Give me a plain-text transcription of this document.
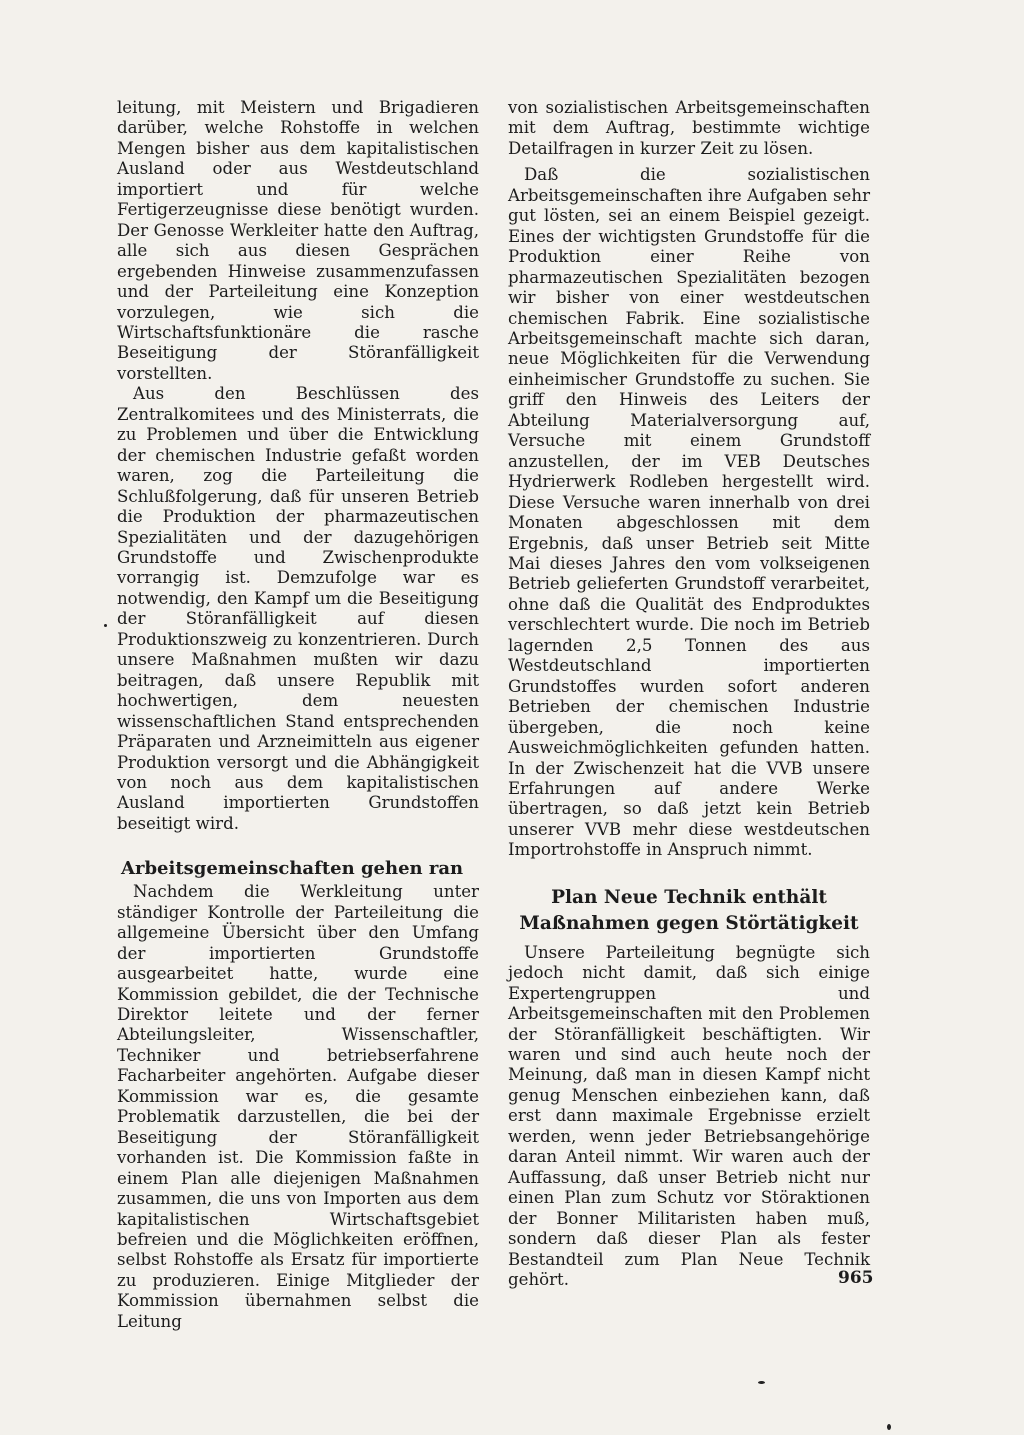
leitung, mit Meistern und Brigadieren darüber, welche Rohstoffe in welchen Mengen bisher aus dem kapitalistischen Ausland oder aus Westdeutschland importiert und für welche Fertigerzeugnisse diese benötigt wurden. Der Genosse Werkleiter hatte den Auftrag, alle sich aus diesen Gesprächen ergebenden Hinweise zusammenzufassen und der Parteileitung eine Konzeption vorzulegen, wie sich die Wirtschaftsfunktionäre die rasche Beseitigung der Störanfälligkeit vorstellten.

Aus den Beschlüssen des Zentralkomitees und des Ministerrats, die zu Problemen und über die Entwicklung der chemischen Industrie gefaßt worden waren, zog die Parteileitung die Schlußfolgerung, daß für unseren Betrieb die Produktion der pharmazeutischen Spezialitäten und der dazugehörigen Grundstoffe und Zwischenprodukte vorrangig ist. Demzufolge war es notwendig, den Kampf um die Beseitigung der Störanfälligkeit auf diesen Produktionszweig zu konzentrieren. Durch unsere Maßnahmen mußten wir dazu beitragen, daß unsere Republik mit hochwertigen, dem neuesten wissenschaftlichen Stand entsprechenden Präparaten und Arzneimitteln aus eigener Produktion versorgt und die Abhängigkeit von noch aus dem kapitalistischen Ausland importierten Grundstoffen beseitigt wird.

Arbeitsgemeinschaften gehen ran

Nachdem die Werkleitung unter ständiger Kontrolle der Parteileitung die allgemeine Übersicht über den Umfang der importierten Grundstoffe ausgearbeitet hatte, wurde eine Kommission gebildet, die der Technische Direktor leitete und der ferner Abteilungsleiter, Wissenschaftler, Techniker und betriebserfahrene Facharbeiter angehörten. Aufgabe dieser Kommission war es, die gesamte Problematik darzustellen, die bei der Beseitigung der Störanfälligkeit vorhanden ist. Die Kommission faßte in einem Plan alle diejenigen Maßnahmen zusammen, die uns von Importen aus dem kapitalistischen Wirtschaftsgebiet befreien und die Möglichkeiten eröffnen, selbst Rohstoffe als Ersatz für importierte zu produzieren. Einige Mitglieder der Kommission übernahmen selbst die Leitung

von sozialistischen Arbeitsgemeinschaften mit dem Auftrag, bestimmte wichtige Detailfragen in kurzer Zeit zu lösen.

Daß die sozialistischen Arbeitsgemeinschaften ihre Aufgaben sehr gut lösten, sei an einem Beispiel gezeigt. Eines der wichtigsten Grundstoffe für die Produktion einer Reihe von pharmazeutischen Spezialitäten bezogen wir bisher von einer westdeutschen chemischen Fabrik. Eine sozialistische Arbeitsgemeinschaft machte sich daran, neue Möglichkeiten für die Verwendung einheimischer Grundstoffe zu suchen. Sie griff den Hinweis des Leiters der Abteilung Materialversorgung auf, Versuche mit einem Grundstoff anzustellen, der im VEB Deutsches Hydrierwerk Rodleben hergestellt wird. Diese Versuche waren innerhalb von drei Monaten abgeschlossen mit dem Ergebnis, daß unser Betrieb seit Mitte Mai dieses Jahres den vom volkseigenen Betrieb gelieferten Grundstoff verarbeitet, ohne daß die Qualität des Endproduktes verschlechtert wurde. Die noch im Betrieb lagernden 2,5 Tonnen des aus Westdeutschland importierten Grundstoffes wurden sofort anderen Betrieben der chemischen Industrie übergeben, die noch keine Ausweichmöglichkeiten gefunden hatten. In der Zwischenzeit hat die VVB unsere Erfahrungen auf andere Werke übertragen, so daß jetzt kein Betrieb unserer VVB mehr diese westdeutschen Importrohstoffe in Anspruch nimmt.

Plan Neue Technik enthält
Maßnahmen gegen Störtätigkeit

Unsere Parteileitung begnügte sich jedoch nicht damit, daß sich einige Expertengruppen und Arbeitsgemeinschaften mit den Problemen der Störanfälligkeit beschäftigten. Wir waren und sind auch heute noch der Meinung, daß man in diesen Kampf nicht genug Menschen einbeziehen kann, daß erst dann maximale Ergebnisse erzielt werden, wenn jeder Betriebsangehörige daran Anteil nimmt. Wir waren auch der Auffassung, daß unser Betrieb nicht nur einen Plan zum Schutz vor Störaktionen der Bonner Militaristen haben muß, sondern daß dieser Plan als fester Bestandteil zum Plan Neue Technik gehört.	965
